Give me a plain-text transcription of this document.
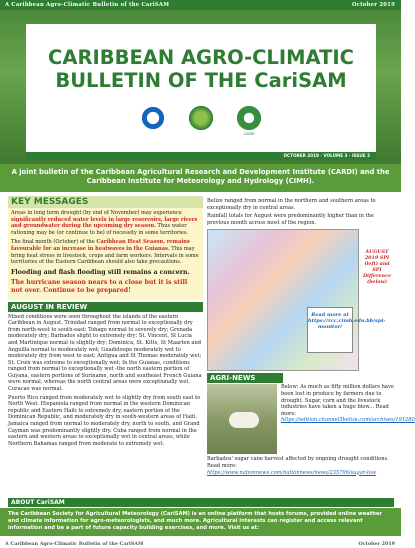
A Caribbean Agro-Climatic Bulletin of the CariSAM	October 2019
CARIBBEAN AGRO-CLIMATIC
BULLETIN OF THE CariSAM
CARDI
OCTOBER 2019 · VOLUME 3 · ISSUE 2
A joint bulletin of the Caribbean Agricultural Research and Development Institute (CARDI) and the Caribbean Institute for Meteorology and Hydrology (CIMH).
KEY MESSAGES

Areas in long term drought (by end of November) may experience significantly reduced water levels in large reservoirs, large rivers and groundwater during the upcoming dry season. Thus water rationing may be (or continue to be) of necessity in some territories.

The final month (October) of the Caribbean Heat Season, remains favourable for an increase in heatwaves in the Guianas. This may bring heat stress in livestock, crops and farm workers. Intervals in some territories of the Eastern Caribbean should also take precautions.

Flooding and flash flooding still remains a concern.

The hurricane season nears to a close but it is still not over. Continue to be prepared!

AUGUST IN REVIEW

Mixed conditions were seen throughout the islands of the eastern Caribbean in August. Trinidad ranged from normal to exceptionally dry from north-west to south-east; Tobago normal to severely dry; Grenada moderately dry; Barbados slight to extremely dry; St. Vincent, St Lucia and Martinique normal to slightly dry; Dominica, St. Kitts, St Maarten and Anguilla normal to moderately wet; Guadeloupe moderately wet to moderately dry from west to east; Antigua and St Thomas moderately wet; St. Croix was extreme to exceptionally wet; In the Guianas, conditions ranged from normal to exceptionally wet -the north eastern portion of Guyana, eastern portions of Suriname, north and southeast French Guiana were normal, whereas the north central areas were exceptionally wet. Curacao was normal.

Puerto Rico ranged from moderately wet to slightly dry from south east to North West. Hispaniola ranged from normal in the western Dominican republic and Eastern Haiti to extremely dry, eastern portion of the Dominican Republic, and moderately dry in south-western areas of Haiti. Jamaica ranged from normal to moderately dry, north to south, and Grand Cayman was predominantly slightly dry. Cuba ranged from normal in the eastern and western areas to exceptionally wet in central areas, while Northern Bahamas ranged from moderate to extremely wet.

Belize ranged from normal in the northern and southern areas to exceptionally dry in central areas.

Rainfall totals for August were predominantly higher than in the previous month across most of the region.

AUGUST 2019 SPI (left) and SPI Difference (below)
Read more at https://rcc.cimh.edu.bb/spi-monitor/
AGRI-NEWS
Below: As much as fifty million dollars have been lost in produce by farmers due to drought. Sugar, corn and the livestock industries have taken a huge blow... Read more: https://edition.channel5belize.com/archives/191280
Barbados' sugar cane harvest affected by ongoing drought conditions. Read more: https://www.nationnews.com/nationnews/news/235796/sugar-low
ABOUT CariSAM
The Caribbean Society for Agricultural Meteorology (CariSAM) is an online platform that hosts forums, provided online weather and climate information for agro-meteorologists, and much more. Agricultural interests can register and access relevant information and be a part of future capacity building exercises, and more. Visit us at:
A Caribbean Agro-Climatic Bulletin of the CariSAM	October 2019
